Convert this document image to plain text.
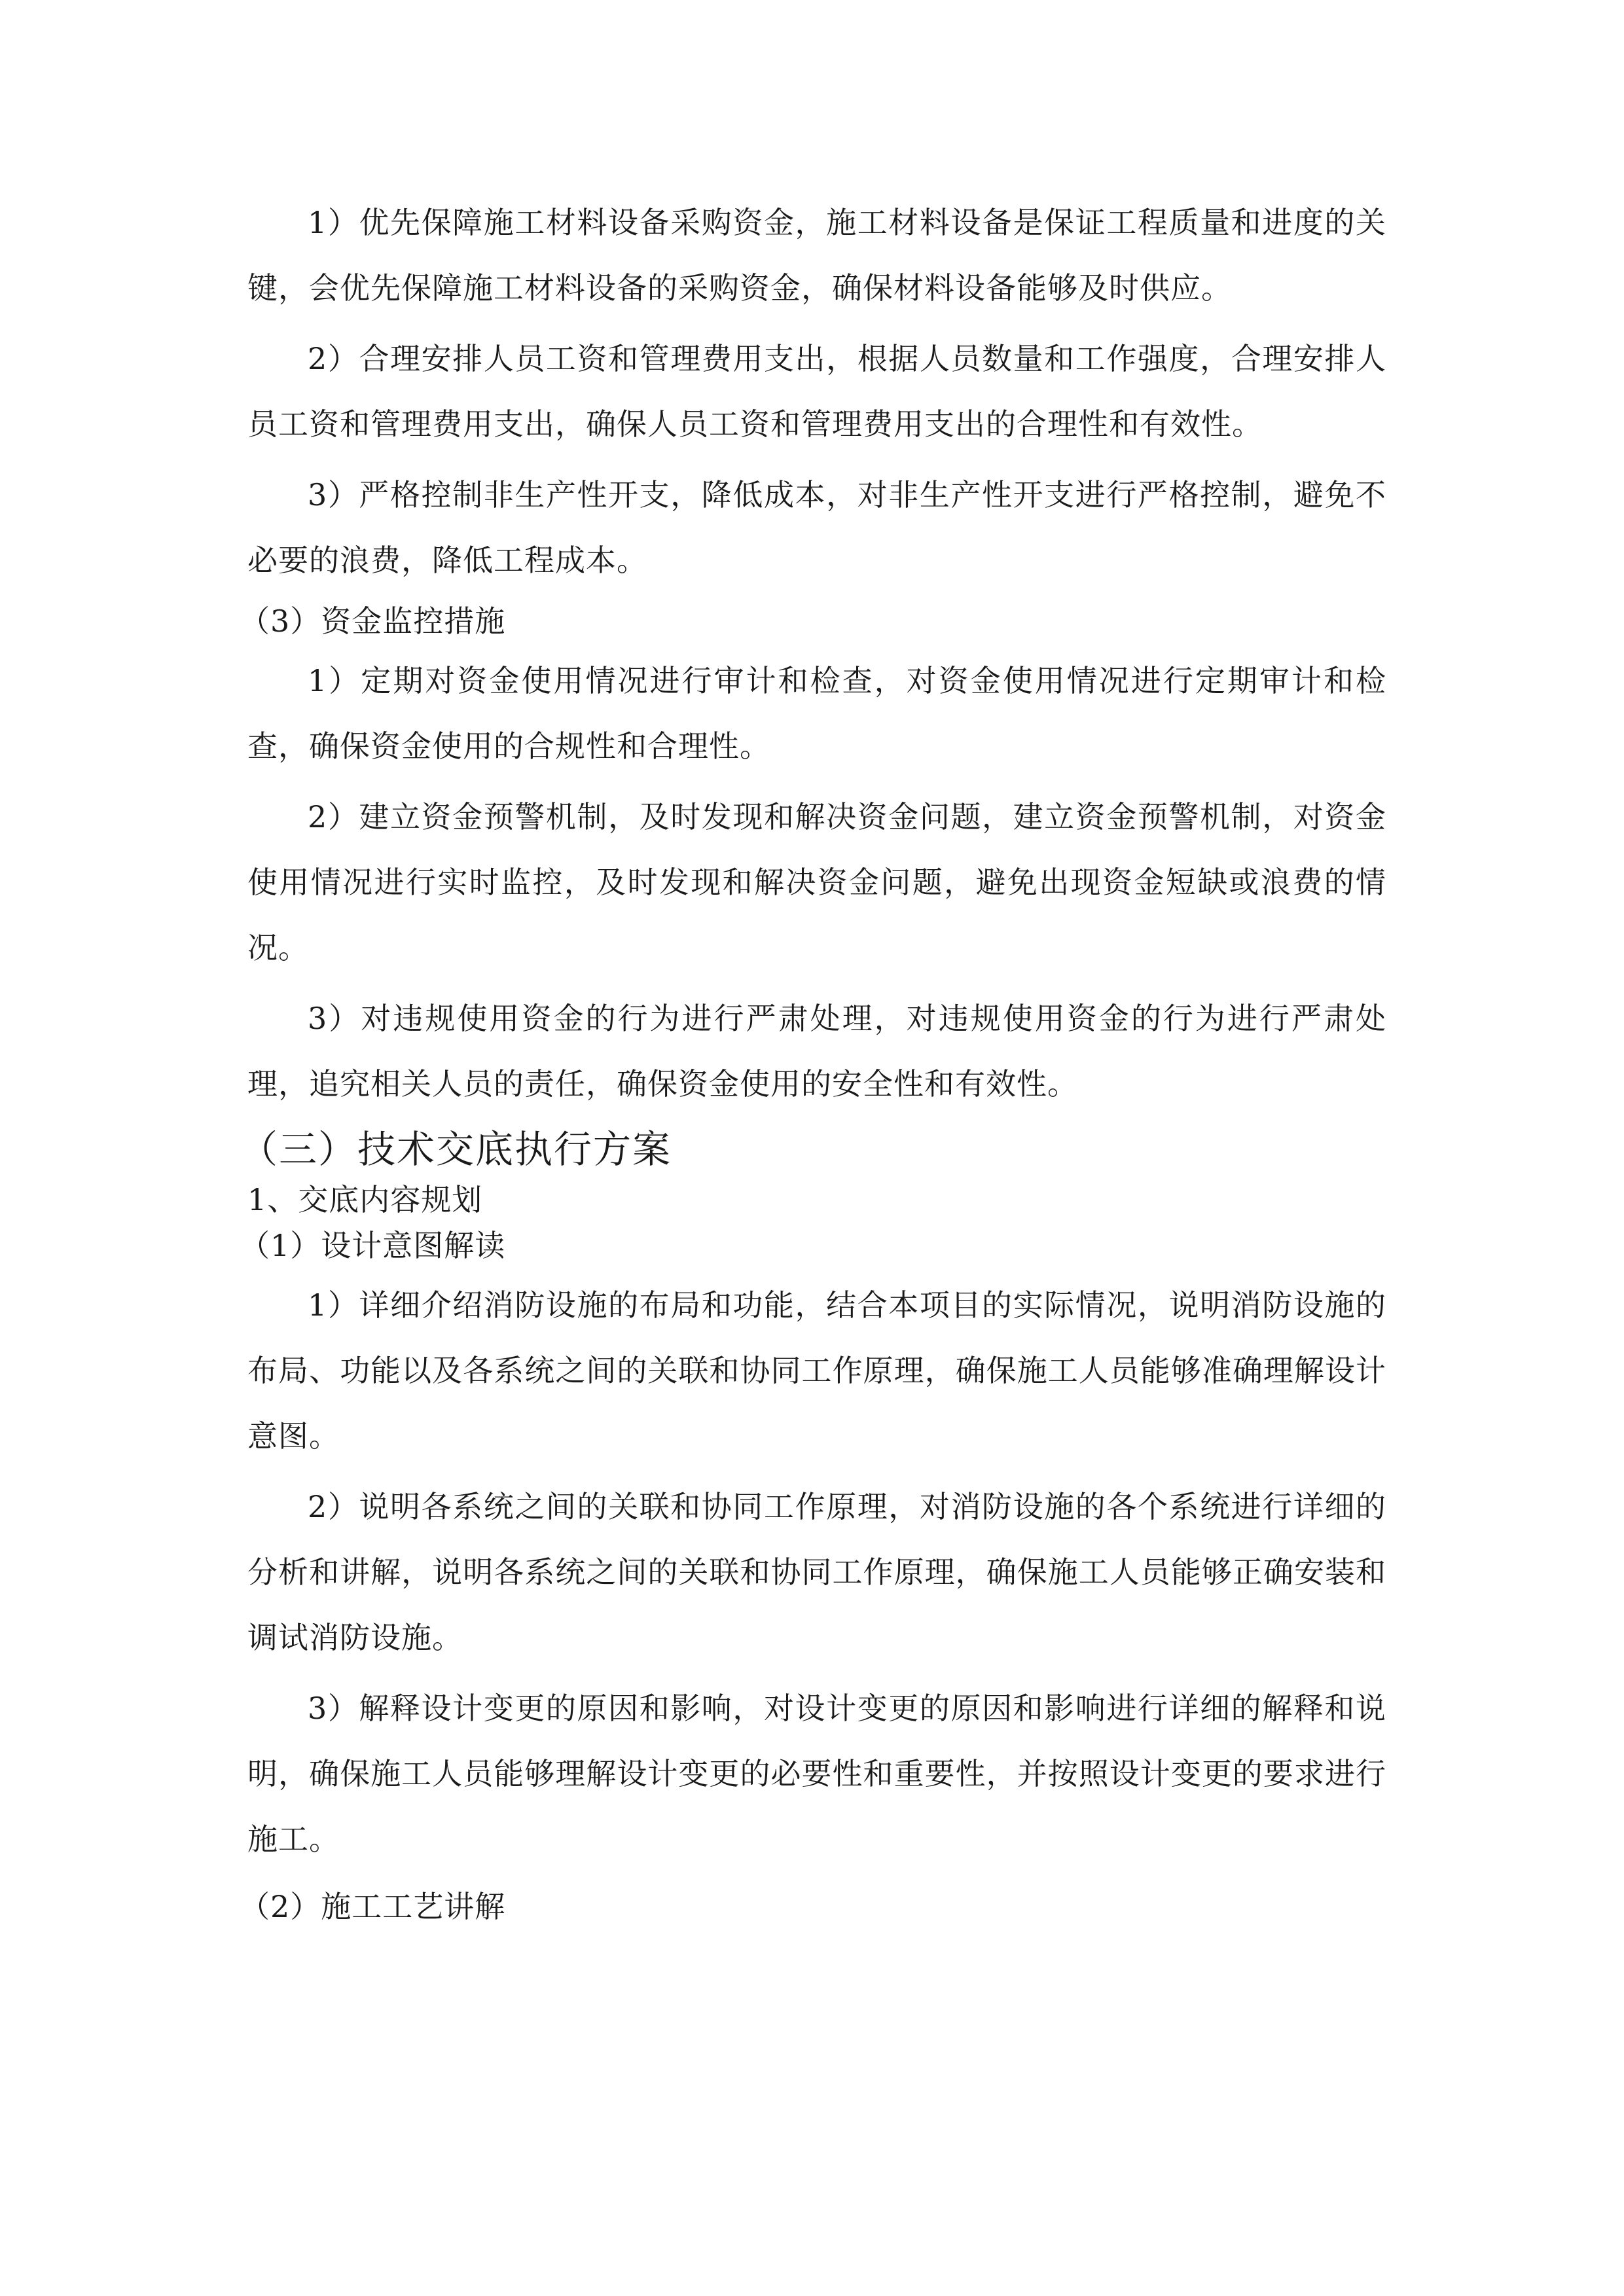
1）优先保障施工材料设备采购资金，施工材料设备是保证工程质量和进度的关键，会优先保障施工材料设备的采购资金，确保材料设备能够及时供应。

2）合理安排人员工资和管理费用支出，根据人员数量和工作强度，合理安排人员工资和管理费用支出，确保人员工资和管理费用支出的合理性和有效性。

3）严格控制非生产性开支，降低成本，对非生产性开支进行严格控制，避免不必要的浪费，降低工程成本。

（3）资金监控措施

1）定期对资金使用情况进行审计和检查，对资金使用情况进行定期审计和检查，确保资金使用的合规性和合理性。

2）建立资金预警机制，及时发现和解决资金问题，建立资金预警机制，对资金使用情况进行实时监控，及时发现和解决资金问题，避免出现资金短缺或浪费的情况。

3）对违规使用资金的行为进行严肃处理，对违规使用资金的行为进行严肃处理，追究相关人员的责任，确保资金使用的安全性和有效性。

（三）技术交底执行方案

1、交底内容规划

（1）设计意图解读

1）详细介绍消防设施的布局和功能，结合本项目的实际情况，说明消防设施的布局、功能以及各系统之间的关联和协同工作原理，确保施工人员能够准确理解设计意图。

2）说明各系统之间的关联和协同工作原理，对消防设施的各个系统进行详细的分析和讲解，说明各系统之间的关联和协同工作原理，确保施工人员能够正确安装和调试消防设施。

3）解释设计变更的原因和影响，对设计变更的原因和影响进行详细的解释和说明，确保施工人员能够理解设计变更的必要性和重要性，并按照设计变更的要求进行施工。

（2）施工工艺讲解
